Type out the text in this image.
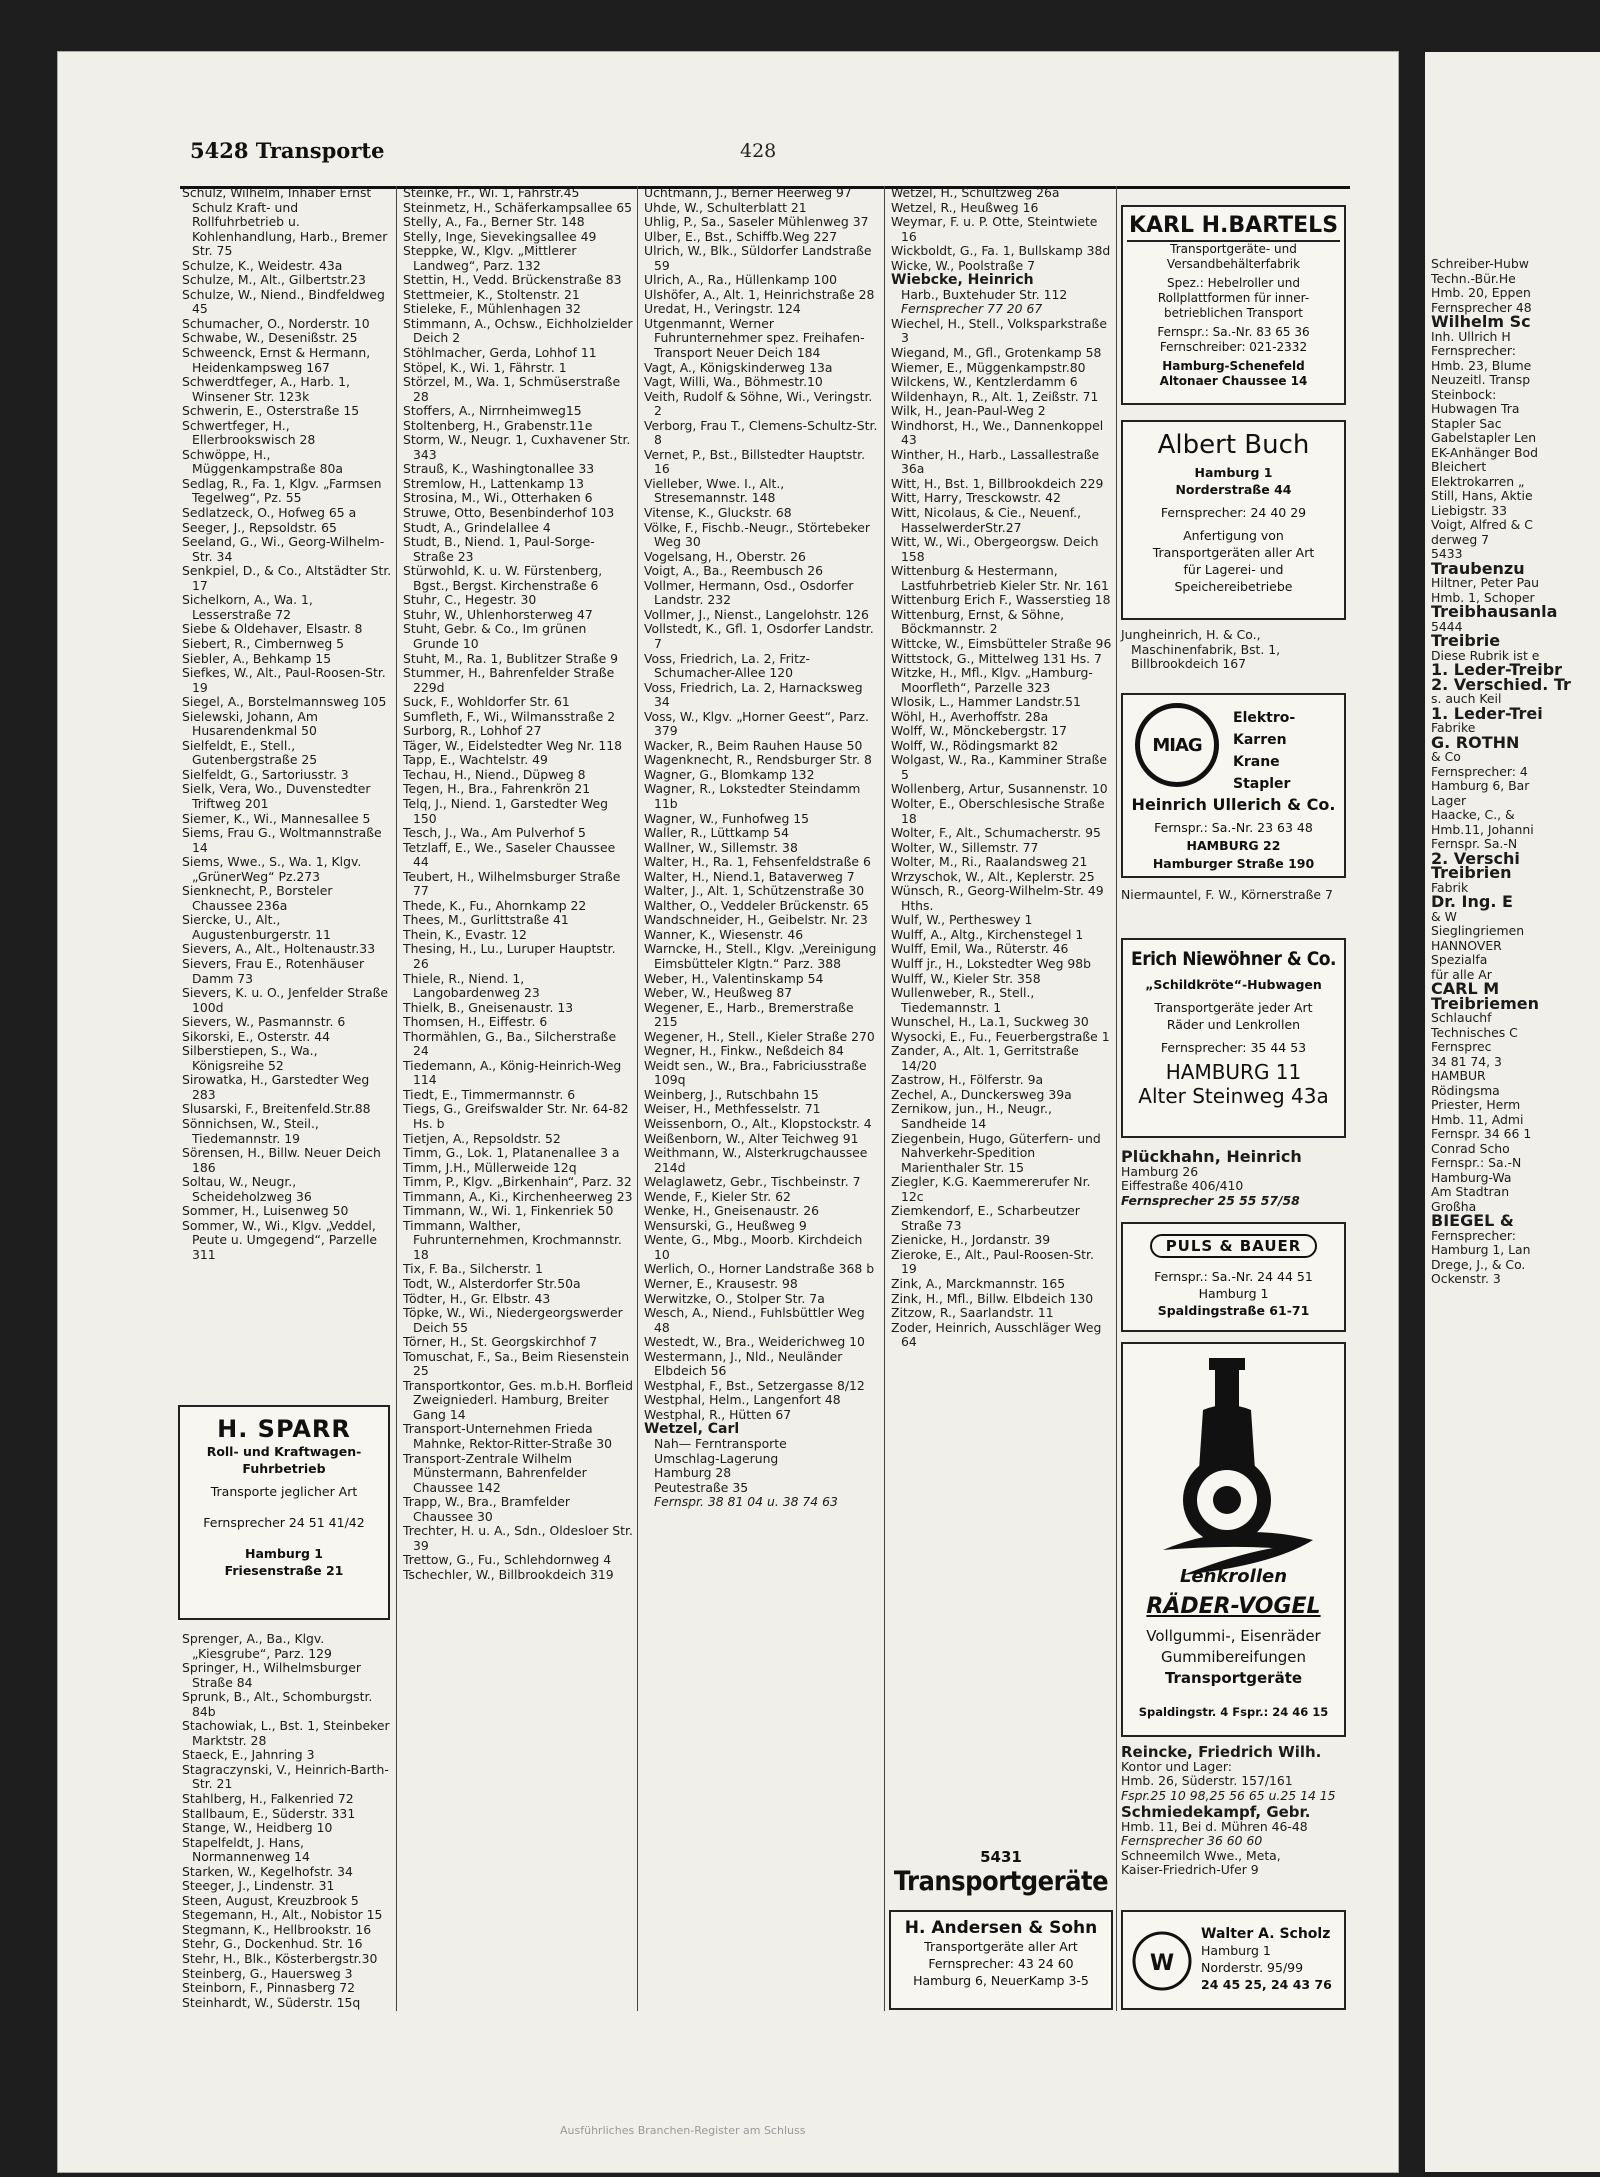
Schreiber-Hubw
Techn.-Bür.He
Hmb. 20, Eppen
Fernsprecher 48
Wilhelm Sc
Inh. Ullrich H
Fernsprecher:
Hmb. 23, Blume
Neuzeitl. Transp
Steinbock:
Hubwagen Tra
Stapler Sac
Gabelstapler Len
EK-Anhänger Bod
Bleichert
Elektrokarren „
Still, Hans, Aktie
Liebigstr. 33
Voigt, Alfred & C
derweg 7
5433
Traubenzu
Hiltner, Peter Pau
Hmb. 1, Schoper
Treibhausanla
5444
Treibrie
Diese Rubrik ist e
1. Leder-Treibr
2. Verschied. Tr
s. auch Keil
1. Leder-Trei
Fabrike
G. ROTHN
& Co
Fernsprecher: 4
Hamburg 6, Bar
Lager
Haacke, C., &
Hmb.11, Johanni
Fernspr. Sa.-N
2. Verschi
Treibrien
Fabrik
Dr. Ing. E
& W
Sieglingriemen
HANNOVER
Spezialfa
für alle Ar
CARL M
Treibriemen
Schlauchf
Technisches C
Fernsprec
34 81 74, 3
HAMBUR
Rödingsma
Priester, Herm
Hmb. 11, Admi
Fernspr. 34 66 1
Conrad Scho
Fernspr.: Sa.-N
Hamburg-Wa
Am Stadtran
Großha
BIEGEL &
Fernsprecher:
Hamburg 1, Lan
Drege, J., & Co.
Ockenstr. 3
5428 Transporte	428
Schulz, Wilhelm, Inhaber Ernst Schulz Kraft- und Rollfuhrbetrieb u. Kohlenhandlung, Harb., Bremer Str. 75
Schulze, K., Weidestr. 43a
Schulze, M., Alt., Gilbertstr.23
Schulze, W., Niend., Bindfeldweg 45
Schumacher, O., Norderstr. 10
Schwabe, W., Desenißstr. 25
Schweenck, Ernst & Hermann, Heidenkampsweg 167
Schwerdtfeger, A., Harb. 1, Winsener Str. 123k
Schwerin, E., Osterstraße 15
Schwertfeger, H., Ellerbrookswisch 28
Schwöppe, H., Müggenkampstraße 80a
Sedlag, R., Fa. 1, Klgv. „Farmsen Tegelweg“, Pz. 55
Sedlatzeck, O., Hofweg 65 a
Seeger, J., Repsoldstr. 65
Seeland, G., Wi., Georg-Wilhelm-Str. 34
Senkpiel, D., & Co., Altstädter Str. 17
Sichelkorn, A., Wa. 1, Lesserstraße 72
Siebe & Oldehaver, Elsastr. 8
Siebert, R., Cimbernweg 5
Siebler, A., Behkamp 15
Siefkes, W., Alt., Paul-Roosen-Str. 19
Siegel, A., Borstelmannsweg 105
Sielewski, Johann, Am Husarendenkmal 50
Sielfeldt, E., Stell., Gutenbergstraße 25
Sielfeldt, G., Sartoriusstr. 3
Sielk, Vera, Wo., Duvenstedter Triftweg 201
Siemer, K., Wi., Mannesallee 5
Siems, Frau G., Woltmannstraße 14
Siems, Wwe., S., Wa. 1, Klgv. „GrünerWeg“ Pz.273
Sienknecht, P., Borsteler Chaussee 236a
Siercke, U., Alt., Augustenburgerstr. 11
Sievers, A., Alt., Holtenaustr.33
Sievers, Frau E., Rotenhäuser Damm 73
Sievers, K. u. O., Jenfelder Straße 100d
Sievers, W., Pasmannstr. 6
Sikorski, E., Osterstr. 44
Silberstiepen, S., Wa., Königsreihe 52
Sirowatka, H., Garstedter Weg 283
Slusarski, F., Breitenfeld.Str.88
Sönnichsen, W., Steil., Tiedemannstr. 19
Sörensen, H., Billw. Neuer Deich 186
Soltau, W., Neugr., Scheideholzweg 36
Sommer, H., Luisenweg 50
Sommer, W., Wi., Klgv. „Veddel, Peute u. Umgegend“, Parzelle 311
H. SPARR
Roll- und Kraftwagen-
Fuhrbetrieb
Transporte jeglicher Art
Fernsprecher 24 51 41/42
Hamburg 1
Friesenstraße 21
Sprenger, A., Ba., Klgv. „Kiesgrube“, Parz. 129
Springer, H., Wilhelmsburger Straße 84
Sprunk, B., Alt., Schomburgstr. 84b
Stachowiak, L., Bst. 1, Steinbeker Marktstr. 28
Staeck, E., Jahnring 3
Stagraczynski, V., Heinrich-Barth-Str. 21
Stahlberg, H., Falkenried 72
Stallbaum, E., Süderstr. 331
Stange, W., Heidberg 10
Stapelfeldt, J. Hans, Normannenweg 14
Starken, W., Kegelhofstr. 34
Steeger, J., Lindenstr. 31
Steen, August, Kreuzbrook 5
Stegemann, H., Alt., Nobistor 15
Stegmann, K., Hellbrookstr. 16
Stehr, G., Dockenhud. Str. 16
Stehr, H., Blk., Kösterbergstr.30
Steinberg, G., Hauersweg 3
Steinborn, F., Pinnasberg 72
Steinhardt, W., Süderstr. 15q
Steinke, Fr., Wi. 1, Fährstr.45
Steinmetz, H., Schäferkampsallee 65
Stelly, A., Fa., Berner Str. 148
Stelly, Inge, Sievekingsallee 49
Steppke, W., Klgv. „Mittlerer Landweg“, Parz. 132
Stettin, H., Vedd. Brückenstraße 83
Stettmeier, K., Stoltenstr. 21
Stieleke, F., Mühlenhagen 32
Stimmann, A., Ochsw., Eichholzielder Deich 2
Stöhlmacher, Gerda, Lohhof 11
Stöpel, K., Wi. 1, Fährstr. 1
Störzel, M., Wa. 1, Schmüserstraße 28
Stoffers, A., Nirrnheimweg15
Stoltenberg, H., Grabenstr.11e
Storm, W., Neugr. 1, Cuxhavener Str. 343
Strauß, K., Washingtonallee 33
Stremlow, H., Lattenkamp 13
Strosina, M., Wi., Otterhaken 6
Struwe, Otto, Besenbinderhof 103
Studt, A., Grindelallee 4
Studt, B., Niend. 1, Paul-Sorge-Straße 23
Stürwohld, K. u. W. Fürstenberg, Bgst., Bergst. Kirchenstraße 6
Stuhr, C., Hegestr. 30
Stuhr, W., Uhlenhorsterweg 47
Stuht, Gebr. & Co., Im grünen Grunde 10
Stuht, M., Ra. 1, Bublitzer Straße 9
Stummer, H., Bahrenfelder Straße 229d
Suck, F., Wohldorfer Str. 61
Sumfleth, F., Wi., Wilmansstraße 2
Surborg, R., Lohhof 27
Täger, W., Eidelstedter Weg Nr. 118
Tapp, E., Wachtelstr. 49
Techau, H., Niend., Düpweg 8
Tegen, H., Bra., Fahrenkrön 21
Telq, J., Niend. 1, Garstedter Weg 150
Tesch, J., Wa., Am Pulverhof 5
Tetzlaff, E., We., Saseler Chaussee 44
Teubert, H., Wilhelmsburger Straße 77
Thede, K., Fu., Ahornkamp 22
Thees, M., Gurlittstraße 41
Thein, K., Evastr. 12
Thesing, H., Lu., Luruper Hauptstr. 26
Thiele, R., Niend. 1, Langobardenweg 23
Thielk, B., Gneisenaustr. 13
Thomsen, H., Eiffestr. 6
Thormählen, G., Ba., Silcherstraße 24
Tiedemann, A., König-Heinrich-Weg 114
Tiedt, E., Timmermannstr. 6
Tiegs, G., Greifswalder Str. Nr. 64-82 Hs. b
Tietjen, A., Repsoldstr. 52
Timm, G., Lok. 1, Platanenallee 3 a
Timm, J.H., Müllerweide 12q
Timm, P., Klgv. „Birkenhain“, Parz. 32
Timmann, A., Ki., Kirchenheerweg 23
Timmann, W., Wi. 1, Finkenriek 50
Timmann, Walther, Fuhrunternehmen, Krochmannstr. 18
Tix, F. Ba., Silcherstr. 1
Todt, W., Alsterdorfer Str.50a
Tödter, H., Gr. Elbstr. 43
Töpke, W., Wi., Niedergeorgswerder Deich 55
Törner, H., St. Georgskirchhof 7
Tomuschat, F., Sa., Beim Riesenstein 25
Transportkontor, Ges. m.b.H. Borfleid Zweigniederl. Hamburg, Breiter Gang 14
Transport-Unternehmen Frieda Mahnke, Rektor-Ritter-Straße 30
Transport-Zentrale Wilhelm Münstermann, Bahrenfelder Chaussee 142
Trapp, W., Bra., Bramfelder Chaussee 30
Trechter, H. u. A., Sdn., Oldesloer Str. 39
Trettow, G., Fu., Schlehdornweg 4
Tschechler, W., Billbrookdeich 319
Uchtmann, J., Berner Heerweg 97
Uhde, W., Schulterblatt 21
Uhlig, P., Sa., Saseler Mühlenweg 37
Ulber, E., Bst., Schiffb.Weg 227
Ulrich, W., Blk., Süldorfer Landstraße 59
Ulrich, A., Ra., Hüllenkamp 100
Ulshöfer, A., Alt. 1, Heinrichstraße 28
Uredat, H., Veringstr. 124
Utgenmannt, Werner Fuhrunternehmer spez. Freihafen-Transport Neuer Deich 184
Vagt, A., Königskinderweg 13a
Vagt, Willi, Wa., Böhmestr.10
Veith, Rudolf & Söhne, Wi., Veringstr. 2
Verborg, Frau T., Clemens-Schultz-Str. 8
Vernet, P., Bst., Billstedter Hauptstr. 16
Vielleber, Wwe. I., Alt., Stresemannstr. 148
Vitense, K., Gluckstr. 68
Völke, F., Fischb.-Neugr., Störtebeker Weg 30
Vogelsang, H., Oberstr. 26
Voigt, A., Ba., Reembusch 26
Vollmer, Hermann, Osd., Osdorfer Landstr. 232
Vollmer, J., Nienst., Langelohstr. 126
Vollstedt, K., Gfl. 1, Osdorfer Landstr. 7
Voss, Friedrich, La. 2, Fritz-Schumacher-Allee 120
Voss, Friedrich, La. 2, Harnacksweg 34
Voss, W., Klgv. „Horner Geest“, Parz. 379
Wacker, R., Beim Rauhen Hause 50
Wagenknecht, R., Rendsburger Str. 8
Wagner, G., Blomkamp 132
Wagner, R., Lokstedter Steindamm 11b
Wagner, W., Funhofweg 15
Waller, R., Lüttkamp 54
Wallner, W., Sillemstr. 38
Walter, H., Ra. 1, Fehsenfeldstraße 6
Walter, H., Niend.1, Bataverweg 7
Walter, J., Alt. 1, Schützenstraße 30
Walther, O., Veddeler Brückenstr. 65
Wandschneider, H., Geibelstr. Nr. 23
Wanner, K., Wiesenstr. 46
Warncke, H., Stell., Klgv. „Vereinigung Eimsbütteler Klgtn.“ Parz. 388
Weber, H., Valentinskamp 54
Weber, W., Heußweg 87
Wegener, E., Harb., Bremerstraße 215
Wegener, H., Stell., Kieler Straße 270
Wegner, H., Finkw., Neßdeich 84
Weidt sen., W., Bra., Fabriciusstraße 109q
Weinberg, J., Rutschbahn 15
Weiser, H., Methfesselstr. 71
Weissenborn, O., Alt., Klopstockstr. 4
Weißenborn, W., Alter Teichweg 91
Weithmann, W., Alsterkrugchaussee 214d
Welaglawetz, Gebr., Tischbeinstr. 7
Wende, F., Kieler Str. 62
Wenke, H., Gneisenaustr. 26
Wensurski, G., Heußweg 9
Wente, G., Mbg., Moorb. Kirchdeich 10
Werlich, O., Horner Landstraße 368 b
Werner, E., Krausestr. 98
Werwitzke, O., Stolper Str. 7a
Wesch, A., Niend., Fuhlsbüttler Weg 48
Westedt, W., Bra., Weiderichweg 10
Westermann, J., Nld., Neuländer Elbdeich 56
Westphal, F., Bst., Setzergasse 8/12
Westphal, Helm., Langenfort 48
Westphal, R., Hütten 67
Wetzel, Carl
Nah— Ferntransporte
Umschlag-Lagerung
Hamburg 28
Peutestraße 35
Fernspr. 38 81 04 u. 38 74 63
Wetzel, H., Schultzweg 26a
Wetzel, R., Heußweg 16
Weymar, F. u. P. Otte, Steintwiete 16
Wickboldt, G., Fa. 1, Bullskamp 38d
Wicke, W., Poolstraße 7
Wiebcke, Heinrich
Harb., Buxtehuder Str. 112
Fernsprecher 77 20 67
Wiechel, H., Stell., Volksparkstraße 3
Wiegand, M., Gfl., Grotenkamp 58
Wiemer, E., Müggenkampstr.80
Wilckens, W., Kentzlerdamm 6
Wildenhayn, R., Alt. 1, Zeißstr. 71
Wilk, H., Jean-Paul-Weg 2
Windhorst, H., We., Dannenkoppel 43
Winther, H., Harb., Lassallestraße 36a
Witt, H., Bst. 1, Billbrookdeich 229
Witt, Harry, Tresckowstr. 42
Witt, Nicolaus, & Cie., Neuenf., HasselwerderStr.27
Witt, W., Wi., Obergeorgsw. Deich 158
Wittenburg & Hestermann, Lastfuhrbetrieb Kieler Str. Nr. 161
Wittenburg Erich F., Wasserstieg 18
Wittenburg, Ernst, & Söhne, Böckmannstr. 2
Wittcke, W., Eimsbütteler Straße 96
Wittstock, G., Mittelweg 131 Hs. 7
Witzke, H., Mfl., Klgv. „Hamburg-Moorfleth“, Parzelle 323
Wlosik, L., Hammer Landstr.51
Wöhl, H., Averhoffstr. 28a
Wolff, W., Mönckebergstr. 17
Wolff, W., Rödingsmarkt 82
Wolgast, W., Ra., Kamminer Straße 5
Wollenberg, Artur, Susannenstr. 10
Wolter, E., Oberschlesische Straße 18
Wolter, F., Alt., Schumacherstr. 95
Wolter, W., Sillemstr. 77
Wolter, M., Ri., Raalandsweg 21
Wrzyschok, W., Alt., Keplerstr. 25
Wünsch, R., Georg-Wilhelm-Str. 49 Hths.
Wulf, W., Pertheswey 1
Wulff, A., Altg., Kirchenstegel 1
Wulff, Emil, Wa., Rüterstr. 46
Wulff jr., H., Lokstedter Weg 98b
Wulff, W., Kieler Str. 358
Wullenweber, R., Stell., Tiedemannstr. 1
Wunschel, H., La.1, Suckweg 30
Wysocki, E., Fu., Feuerbergstraße 1
Zander, A., Alt. 1, Gerritstraße 14/20
Zastrow, H., Fölferstr. 9a
Zechel, A., Dunckersweg 39a
Zernikow, jun., H., Neugr., Sandheide 14
Ziegenbein, Hugo, Güterfern- und Nahverkehr-Spedition Marienthaler Str. 15
Ziegler, K.G. Kaemmererufer Nr. 12c
Ziemkendorf, E., Scharbeutzer Straße 73
Zienicke, H., Jordanstr. 39
Zieroke, E., Alt., Paul-Roosen-Str. 19
Zink, A., Marckmannstr. 165
Zink, H., Mfl., Billw. Elbdeich 130
Zitzow, R., Saarlandstr. 11
Zoder, Heinrich, Ausschläger Weg 64
5431
Transportgeräte
H. Andersen & Sohn
Transportgeräte aller Art
Fernsprecher: 43 24 60
Hamburg 6, NeuerKamp 3-5
KARL H.BARTELS
Transportgeräte- und
Versandbehälterfabrik
Spez.: Hebelroller und
Rollplattformen für inner-
betrieblichen Transport
Fernspr.: Sa.-Nr. 83 65 36
Fernschreiber: 021-2332
Hamburg-Schenefeld
Altonaer Chaussee 14
Albert Buch
Hamburg 1
Norderstraße 44
Fernsprecher: 24 40 29
Anfertigung von
Transportgeräten aller Art
für Lagerei- und
Speichereibetriebe
Jungheinrich, H. & Co., Maschinenfabrik, Bst. 1, Billbrookdeich 167
MIAG
Elektro-Karren
Krane
Stapler
Heinrich Ullerich & Co.
Fernspr.: Sa.-Nr. 23 63 48
HAMBURG 22
Hamburger Straße 190
Niermauntel, F. W., Körnerstraße 7
Erich Niewöhner & Co.
„Schildkröte“-Hubwagen
Transportgeräte jeder Art
Räder und Lenkrollen
Fernsprecher: 35 44 53
HAMBURG 11
Alter Steinweg 43a
Plückhahn, Heinrich
Hamburg 26
Eiffestraße 406/410
Fernsprecher 25 55 57/58
PULS & BAUER
Fernspr.: Sa.-Nr. 24 44 51
Hamburg 1
Spaldingstraße 61-71
Lenkrollen
RÄDER-VOGEL
Vollgummi-, Eisenräder
Gummibereifungen
Transportgeräte
Spaldingstr. 4 Fspr.: 24 46 15
Reincke, Friedrich Wilh.
Kontor und Lager:
Hmb. 26, Süderstr. 157/161
Fspr.25 10 98,25 56 65 u.25 14 15
Schmiedekampf, Gebr.
Hmb. 11, Bei d. Mühren 46-48
Fernsprecher 36 60 60
Schneemilch Wwe., Meta,
Kaiser-Friedrich-Ufer 9
W
Walter A. Scholz
Hamburg 1
Norderstr. 95/99
24 45 25, 24 43 76
Ausführliches Branchen-Register am Schluss
